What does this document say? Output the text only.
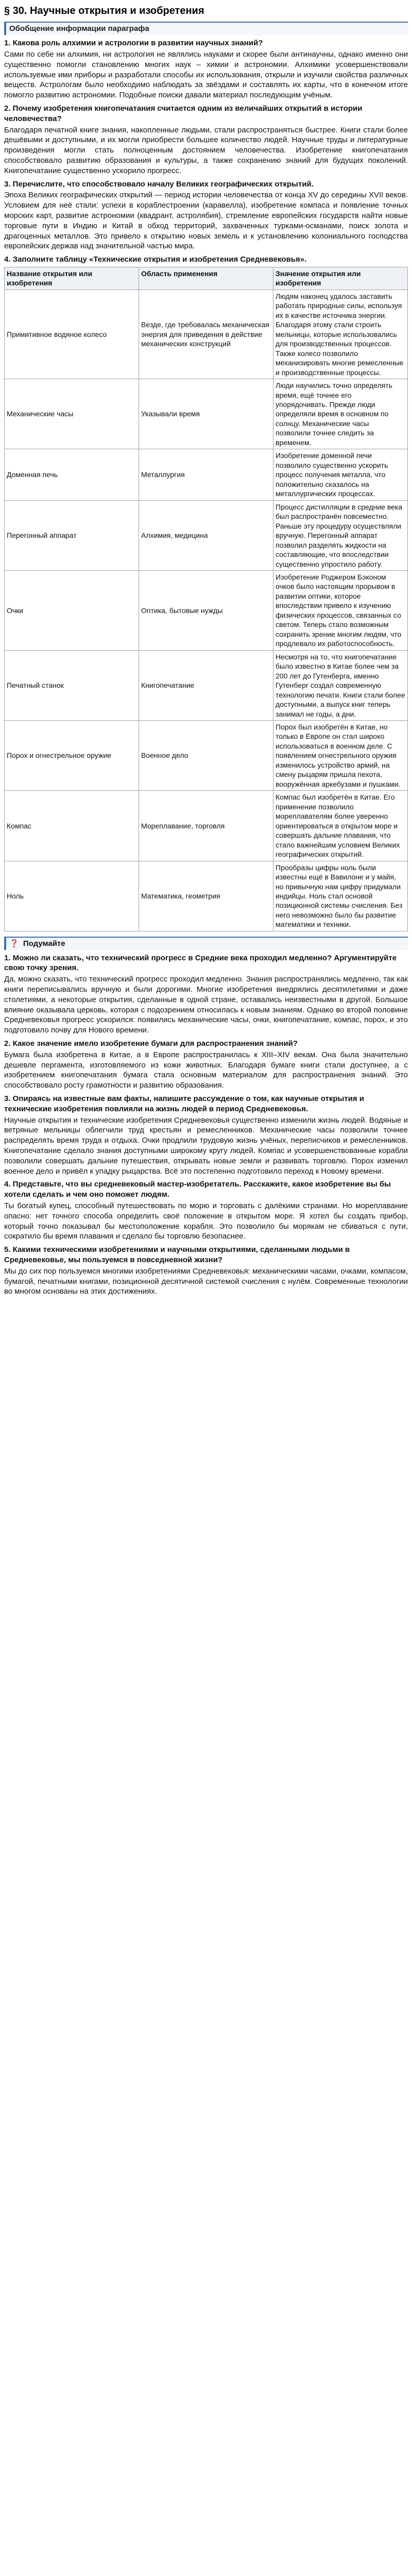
§ 30. Научные открытия и изобретения
Обобщение информации параграфа
1. Какова роль алхимии и астрологии в развитии научных знаний?
Сами по себе ни алхимия, ни астрология не являлись науками и скорее были антинаучны, однако именно они существенно помогли становлению многих наук – химии и астрономии. Алхимики усовершенствовали используемые ими приборы и разработали способы их использования, открыли и изучили свойства различных веществ. Астрологам было необходимо наблюдать за звёздами и составлять их карты, что в конечном итоге помогло развитию астрономии. Подобные поиски давали материал последующим учёным.
2. Почему изобретения книгопечатания считается одним из величайших открытий в истории человечества?
Благодаря печатной книге знания, накопленные людьми, стали распространяться быстрее. Книги стали более дешёвыми и доступными, и их могли приобрести большее количество людей. Научные труды и литературные произведения могли стать полноценным достоянием человечества. Изобретение книгопечатания способствовало развитию образования и культуры, а также сохранению знаний для будущих поколений. Книгопечатание существенно ускорило прогресс.
3. Перечислите, что способствовало началу Великих географических открытий.
Эпоха Великих географических открытий — период истории человечества от конца XV до середины XVII веков. Условием для неё стали: успехи в кораблестроении (каравелла), изобретение компаса и появление точных морских карт, развитие астрономии (квадрант, астролябия), стремление европейских государств найти новые торговые пути в Индию и Китай в обход территорий, захваченных турками-османами, поиск золота и драгоценных металлов. Это привело к открытию новых земель и к установлению колониального господства европейских держав над значительной частью мира.
4. Заполните таблицу «Технические открытия и изобретения Средневековья».
Название открытия или изобретения	Область применения	Значение открытия или изобретения
Примитивное водяное колесо	Везде, где требовалась механическая энергия для приведения в действие механических конструкций	Людям наконец удалось заставить работать природные силы, используя их в качестве источника энергии. Благодаря этому стали строить мельницы, которые использовались для производственных процессов. Также колесо позволило механизировать многие ремесленные и производственные процессы.
Механические часы	Указывали время	Люди научились точно определять время, ещё точнее его упорядочивать. Прежде люди определяли время в основном по солнцу. Механические часы позволили точнее следить за временем.
Доменная печь	Металлургия	Изобретение доменной печи позволило существенно ускорить процесс получения металла, что положительно сказалось на металлургических процессах.
Перегонный аппарат	Алхимия, медицина	Процесс дистилляции в средние века был распространён повсеместно. Раньше эту процедуру осуществляли вручную. Перегонный аппарат позволил разделять жидкости на составляющие, что впоследствии существенно упростило работу.
Очки	Оптика, бытовые нужды	Изобретение Роджером Бэконом очков было настоящим прорывом в развитии оптики, которое впоследствии привело к изучению физических процессов, связанных со светом. Теперь стало возможным сохранить зрение многим людям, что продлевало их работоспособность.
Печатный станок	Книгопечатание	Несмотря на то, что книгопечатание было известно в Китае более чем за 200 лет до Гутенберга, именно Гутенберг создал современную технологию печати. Книги стали более доступными, а выпуск книг теперь занимал не годы, а дни.
Порох и огнестрельное оружие	Военное дело	Порох был изобретён в Китае, но только в Европе он стал широко использоваться в военном деле. С появлением огнестрельного оружия изменилось устройство армий, на смену рыцарям пришла пехота, вооружённая аркебузами и пушками.
Компас	Мореплавание, торговля	Компас был изобретён в Китае. Его применение позволило мореплавателям более уверенно ориентироваться в открытом море и совершать дальние плавания, что стало важнейшим условием Великих географических открытий.
Ноль	Математика, геометрия	Прообразы цифры ноль были известны ещё в Вавилоне и у майя, но привычную нам цифру придумали индийцы. Ноль стал основой позиционной системы счисления. Без него невозможно было бы развитие математики и техники.
❓ Подумайте
1. Можно ли сказать, что технический прогресс в Средние века проходил медленно? Аргументируйте свою точку зрения.
Да, можно сказать, что технический прогресс проходил медленно. Знания распространялись медленно, так как книги переписывались вручную и были дорогими. Многие изобретения внедрялись десятилетиями и даже столетиями, а некоторые открытия, сделанные в одной стране, оставались неизвестными в другой. Большое влияние оказывала церковь, которая с подозрением относилась к новым знаниям. Однако во второй половине Средневековья прогресс ускорился: появились механические часы, очки, книгопечатание, компас, порох, и это подготовило почву для Нового времени.
2. Какое значение имело изобретение бумаги для распространения знаний?
Бумага была изобретена в Китае, а в Европе распространилась к XIII–XIV векам. Она была значительно дешевле пергамента, изготовляемого из кожи животных. Благодаря бумаге книги стали доступнее, а с изобретением книгопечатания бумага стала основным материалом для распространения знаний. Это способствовало росту грамотности и развитию образования.
3. Опираясь на известные вам факты, напишите рассуждение о том, как научные открытия и технические изобретения повлияли на жизнь людей в период Средневековья.
Научные открытия и технические изобретения Средневековья существенно изменили жизнь людей. Водяные и ветряные мельницы облегчили труд крестьян и ремесленников. Механические часы позволили точнее распределять время труда и отдыха. Очки продлили трудовую жизнь учёных, переписчиков и ремесленников. Книгопечатание сделало знания доступными широкому кругу людей. Компас и усовершенствованные корабли позволили совершать дальние путешествия, открывать новые земли и развивать торговлю. Порох изменил военное дело и привёл к упадку рыцарства. Всё это постепенно подготовило переход к Новому времени.
4. Представьте, что вы средневековый мастер-изобретатель. Расскажите, какое изобретение вы бы хотели сделать и чем оно поможет людям.
Ты богатый купец, способный путешествовать по морю и торговать с далёкими странами. Но мореплавание опасно: нет точного способа определить своё положение в открытом море. Я хотел бы создать прибор, который точно показывал бы местоположение корабля. Это позволило бы морякам не сбиваться с пути, сократило бы время плавания и сделало бы торговлю безопаснее.
5. Какими техническими изобретениями и научными открытиями, сделанными людьми в Средневековье, мы пользуемся в повседневной жизни?
Мы до сих пор пользуемся многими изобретениями Средневековья: механическими часами, очками, компасом, бумагой, печатными книгами, позиционной десятичной системой счисления с нулём. Современные технологии во многом основаны на этих достижениях.
